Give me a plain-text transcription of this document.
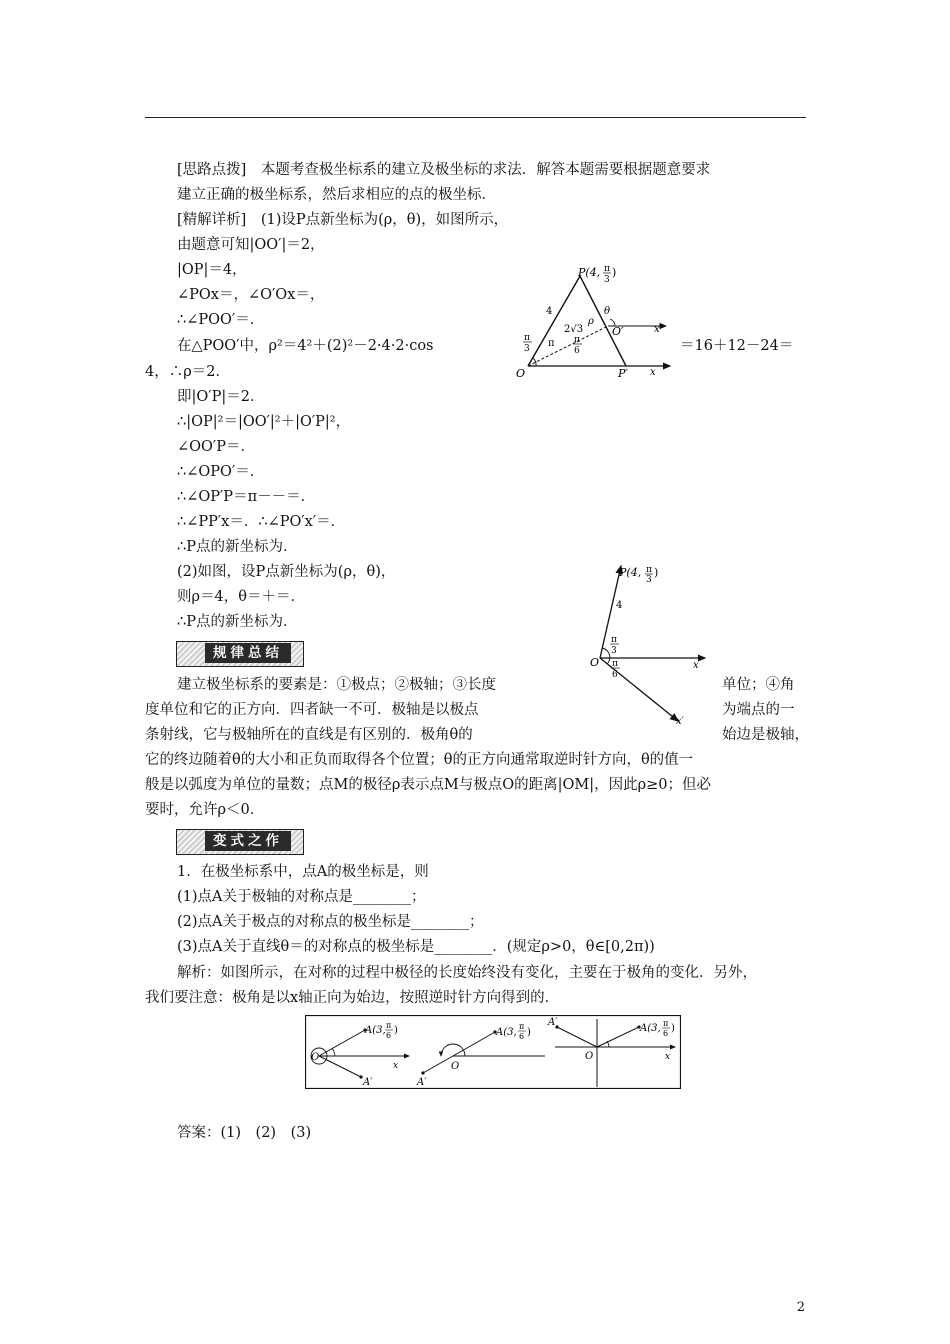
[思路点拨]　本题考查极坐标系的建立及极坐标的求法．解答本题需要根据题意要求
建立正确的极坐标系，然后求相应的点的极坐标．
[精解详析]　(1)设P点新坐标为(ρ，θ)，如图所示，
由题意可知|OO′|＝2，
|OP|＝4，
∠POx＝，∠O′Ox＝，
∴∠POO′＝．
在△POO′中，ρ²＝4²＋(2)²－2·4·2·cos	＝16＋12－24＝
4，∴ρ＝2．
即|O′P|＝2．
∴|OP|²＝|OO′|²＋|O′P|²，
∠OO′P＝．
∴∠OPO′＝．
∴∠OP′P＝π－－＝．
∴∠PP′x＝．∴∠PO′x′＝．
∴P点的新坐标为．
(2)如图，设P点新坐标为(ρ，θ)，
则ρ＝4，θ＝＋＝．
∴P点的新坐标为．
规律总结
建立极坐标系的要素是：①极点；②极轴；③长度	单位；④角
度单位和它的正方向．四者缺一不可．极轴是以极点	为端点的一
条射线，它与极轴所在的直线是有区别的．极角θ的	始边是极轴，
它的终边随着θ的大小和正负而取得各个位置；θ的正方向通常取逆时针方向，θ的值一
般是以弧度为单位的量数；点M的极径ρ表示点M与极点O的距离|OM|，因此ρ≥0；但必
要时，允许ρ＜0．
变式之作
1．在极坐标系中，点A的极坐标是，则
(1)点A关于极轴的对称点是________；
(2)点A关于极点的对称点的极坐标是________；
(3)点A关于直线θ＝的对称点的极坐标是________．(规定ρ>0，θ∈[0,2π))
解析：如图所示，在对称的过程中极径的长度始终没有变化，主要在于极角的变化．另外，
我们要注意：极角是以x轴正向为始边，按照逆时针方向得到的．
答案：(1)　(2)　(3)
P(4, π
3
)
4	θ
ρ
2√3	O′	x′
π
3 π π
6
O	P′ x
P(4, π
3
)
4
π
3
O	x
π
6
x′
A(3, π
6 )
O
x
A′
A(3,
π
6 )
O
A′
A′
A(3, π
6 )
O	x
2
